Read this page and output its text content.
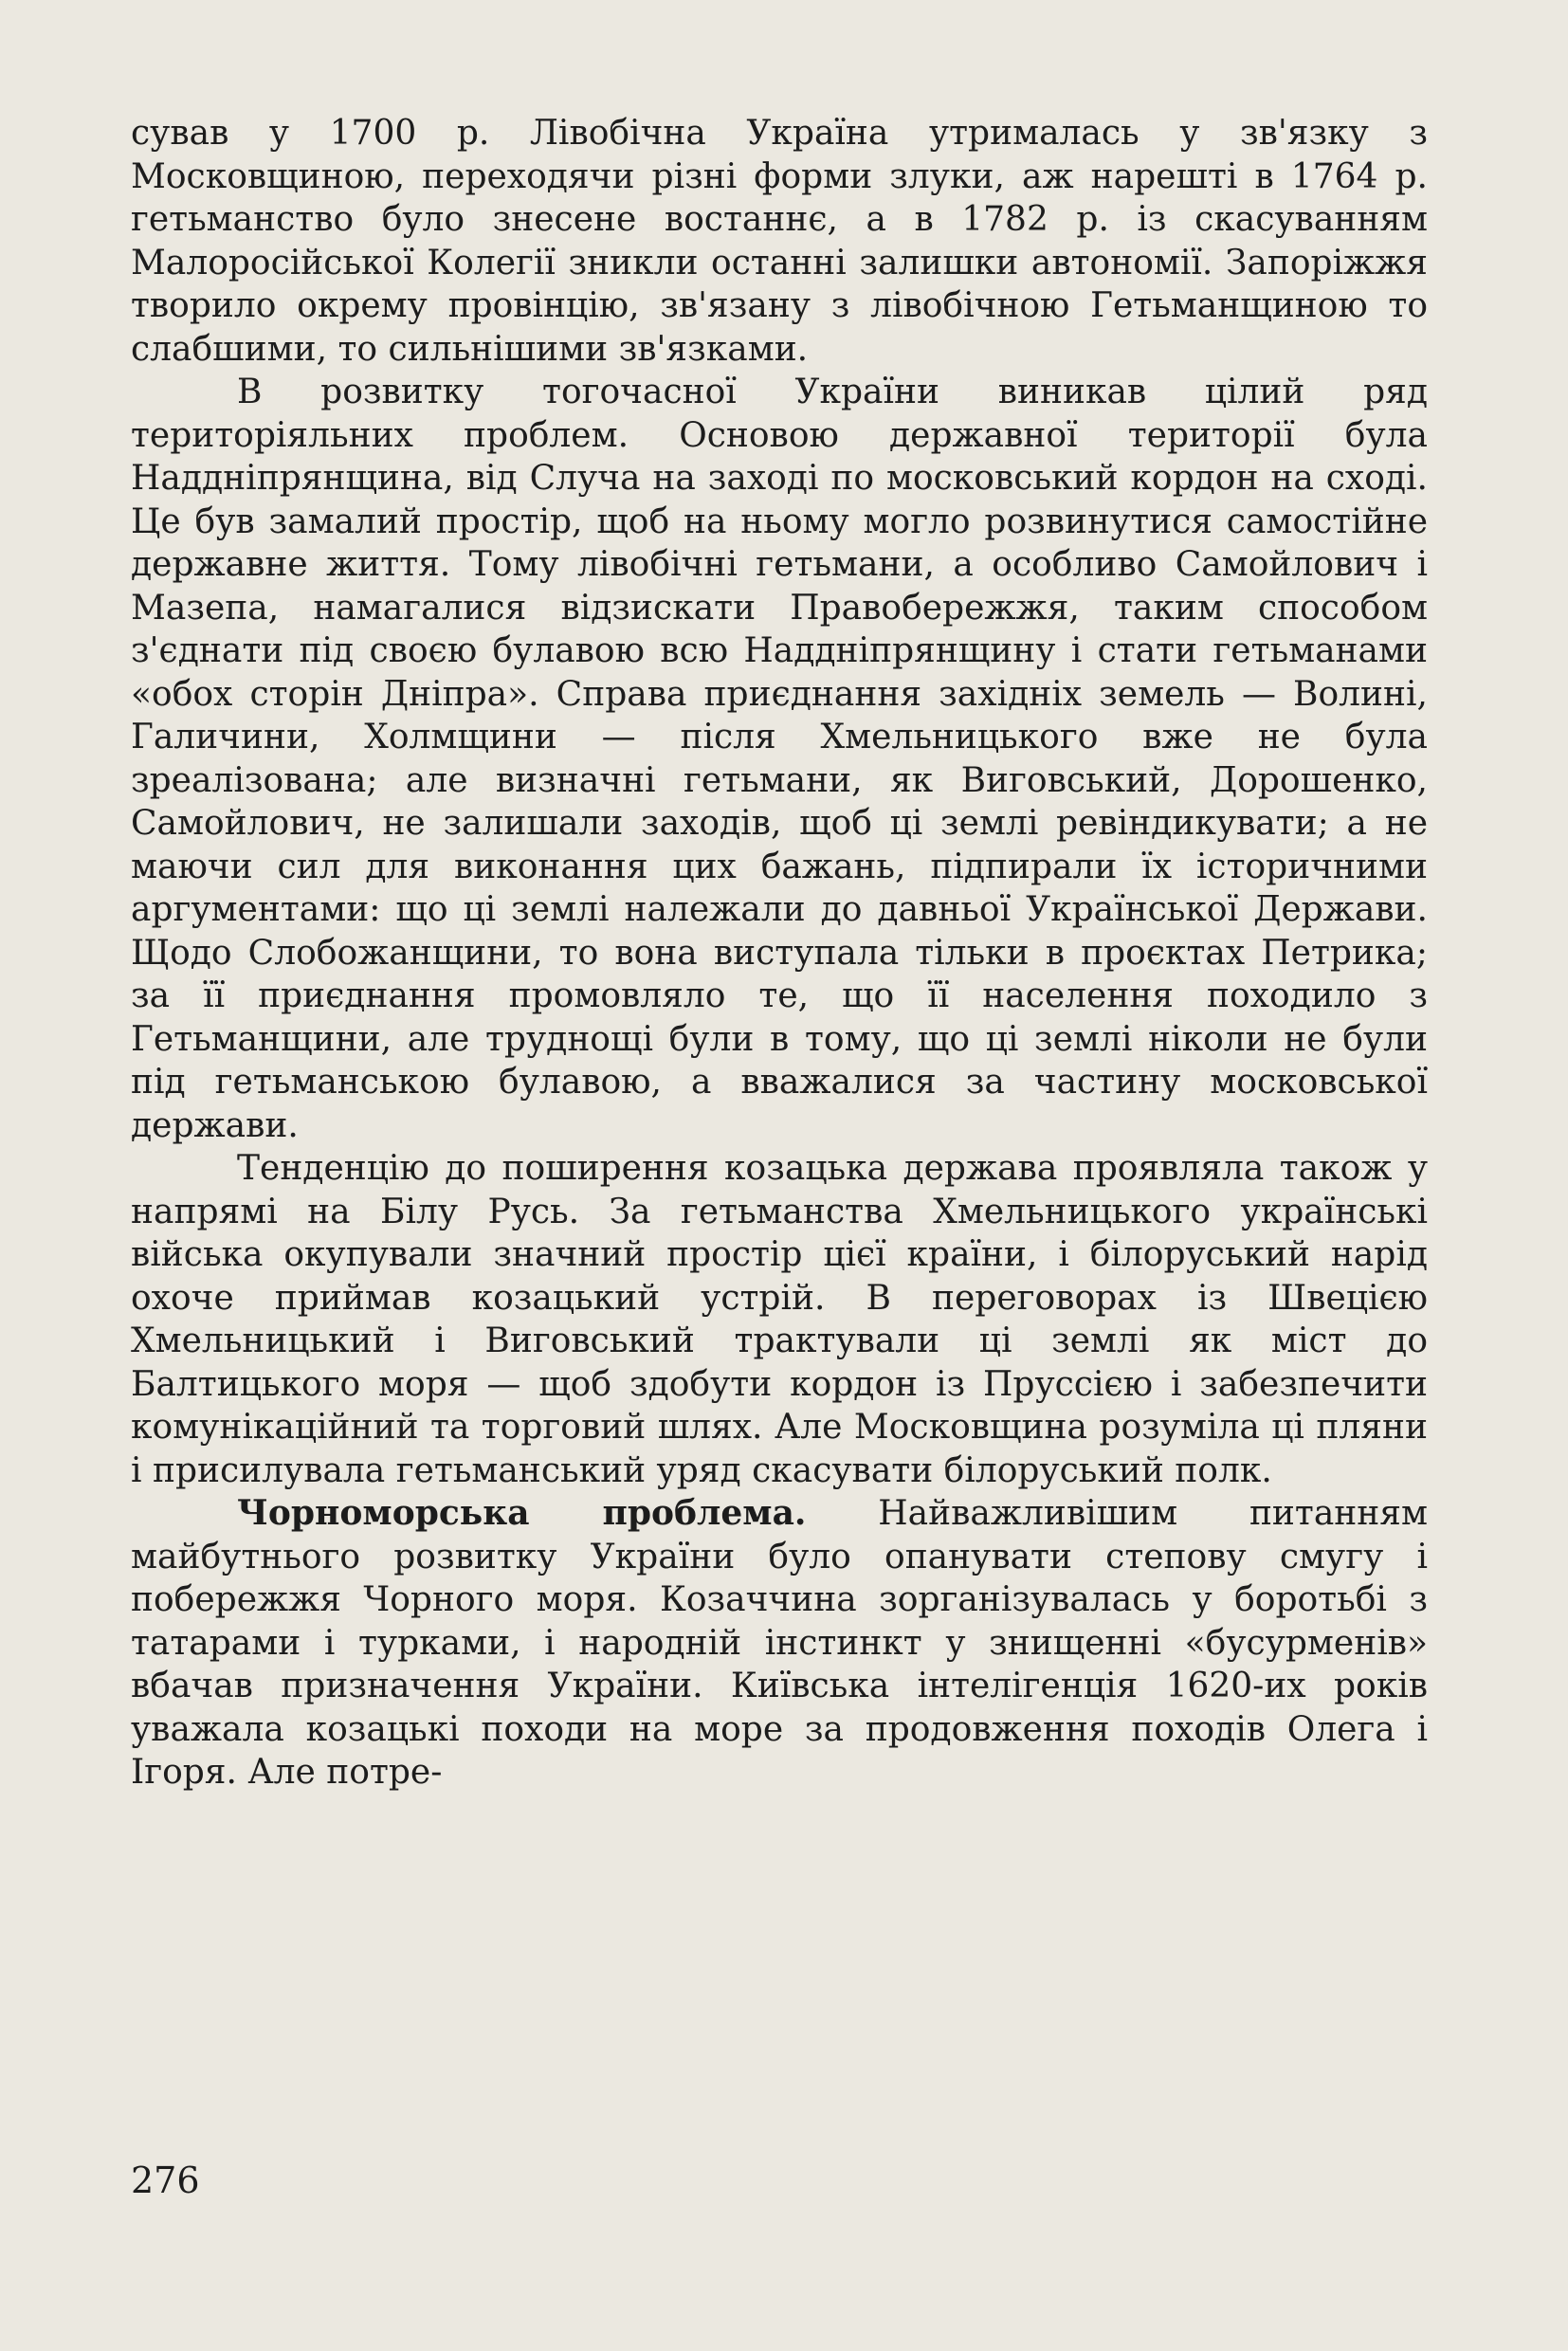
сував у 1700 р. Лівобічна Україна утрималась у зв'язку з Московщиною, переходячи різні форми злуки, аж нарешті в 1764 р. гетьманство було знесене востаннє, а в 1782 р. із скасуванням Малоросійської Колегії зникли останні залишки автономії. Запоріжжя творило окрему провінцію, зв'язану з лівобічною Гетьманщиною то слабшими, то сильнішими зв'язками.

В розвитку тогочасної України виникав цілий ряд територіяльних проблем. Основою державної території була Наддніпрянщина, від Случа на заході по московський кордон на сході. Це був замалий простір, щоб на ньому могло розвинутися самостійне державне життя. Тому лівобічні гетьмани, а особливо Самойлович і Мазепа, намагалися відзискати Правобережжя, таким способом з'єднати під своєю булавою всю Наддніпрянщину і стати гетьманами «обох сторін Дніпра». Справа приєднання західніх земель — Волині, Галичини, Холмщини — після Хмельницького вже не була зреалізована; але визначні гетьмани, як Виговський, Дорошенко, Самойлович, не залишали заходів, щоб ці землі ревіндикувати; а не маючи сил для виконання цих бажань, підпирали їх історичними аргументами: що ці землі належали до давньої Української Держави. Щодо Слобожанщини, то вона виступала тільки в проєктах Петрика; за її приєднання промовляло те, що її населення походило з Гетьманщини, але труднощі були в тому, що ці землі ніколи не були під гетьманською булавою, а вважалися за частину московської держави.

Тенденцію до поширення козацька держава проявляла також у напрямі на Білу Русь. За гетьманства Хмельницького українські війська окупували значний простір цієї країни, і білоруський нарід охоче приймав козацький устрій. В переговорах із Швецією Хмельницький і Виговський трактували ці землі як міст до Балтицького моря — щоб здобути кордон із Пруссією і забезпечити комунікаційний та торговий шлях. Але Московщина розуміла ці пляни і присилувала гетьманський уряд скасувати білоруський полк.

Чорноморська проблема. Найважливішим питанням майбутнього розвитку України було опанувати степову смугу і побережжя Чорного моря. Козаччина зорганізувалась у боротьбі з татарами і турками, і народній інстинкт у знищенні «бусурменів» вбачав призначення України. Київська інтелігенція 1620-их років уважала козацькі походи на море за продовження походів Олега і Ігоря. Але потре-

276
